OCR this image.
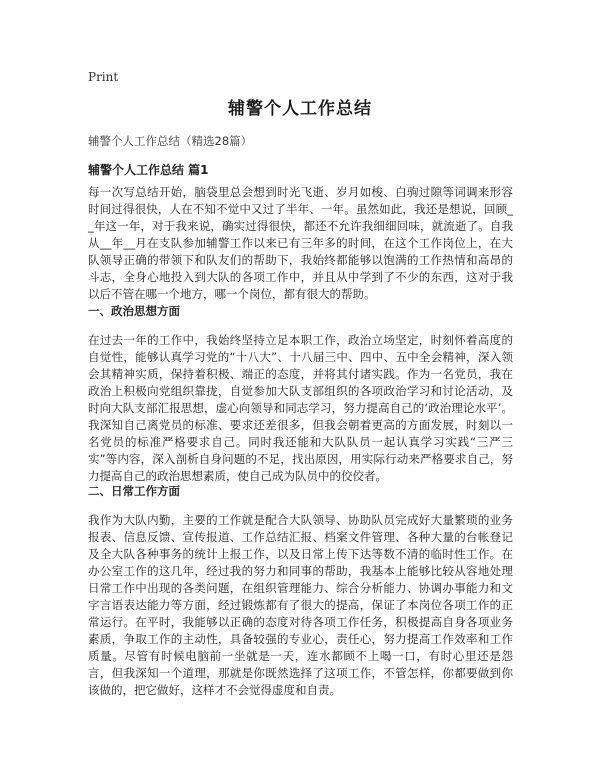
Print
辅警个人工作总结

辅警个人工作总结（精选28篇）

辅警个人工作总结 篇1

每一次写总结开始，脑袋里总会想到时光飞逝、岁月如梭、白驹过隙等词调来形容时间过得很快，人在不知不觉中又过了半年、一年。虽然如此，我还是想说，回顾__年这一年，对于我来说，确实过得很快，都还不允许我细细回味，就流逝了。自我从__年__月在支队参加辅警工作以来已有三年多的时间，在这个工作岗位上，在大队领导正确的带领下和队友们的帮助下，我始终都能够以饱满的工作热情和高昂的斗志，全身心地投入到大队的各项工作中，并且从中学到了不少的东西，这对于我以后不管在哪一个地方，哪一个岗位，都有很大的帮助。

一、政治思想方面

在过去一年的工作中，我始终坚持立足本职工作，政治立场坚定，时刻怀着高度的自觉性，能够认真学习党的“十八大”、十八届三中、四中、五中全会精神，深入领会其精神实质，保持着积极、端正的态度，并将其付诸实践。作为一名党员，我在政治上积极向党组织靠拢，自觉参加大队支部组织的各项政治学习和讨论活动，及时向大队支部汇报思想，虚心向领导和同志学习，努力提高自己的‘政治理论水平’。我深知自己离党员的标准、要求还差很多，但我会朝着更高的方面发展，时刻以一名党员的标准严格要求自己。同时我还能和大队队员一起认真学习实践“三严三实”等内容，深入剖析自身问题的不足，找出原因，用实际行动来严格要求自己，努力提高自己的政治思想素质，使自己成为队员中的佼佼者。

二、日常工作方面

我作为大队内勤，主要的工作就是配合大队领导、协助队员完成好大量繁琐的业务报表、信息反馈、宣传报道、工作总结汇报、档案文件管理、各种大量的台帐登记及全大队各种事务的统计上报工作，以及日常上传下达等数不清的临时性工作。在办公室工作的这几年，经过我的努力和同事的帮助，我基本上能够比较从容地处理日常工作中出现的各类问题，在组织管理能力、综合分析能力、协调办事能力和文字言语表达能力等方面，经过锻炼都有了很大的提高，保证了本岗位各项工作的正常运行。在平时，我能够以正确的态度对待各项工作任务，积极提高自身各项业务素质，争取工作的主动性，具备较强的专业心，责任心，努力提高工作效率和工作质量。尽管有时候电脑前一坐就是一天，连水都顾不上喝一口，有时心里还是怨言，但我深知一个道理，那就是你既然选择了这项工作，不管怎样，你都要做到你该做的，把它做好，这样才不会觉得虚度和自责。
